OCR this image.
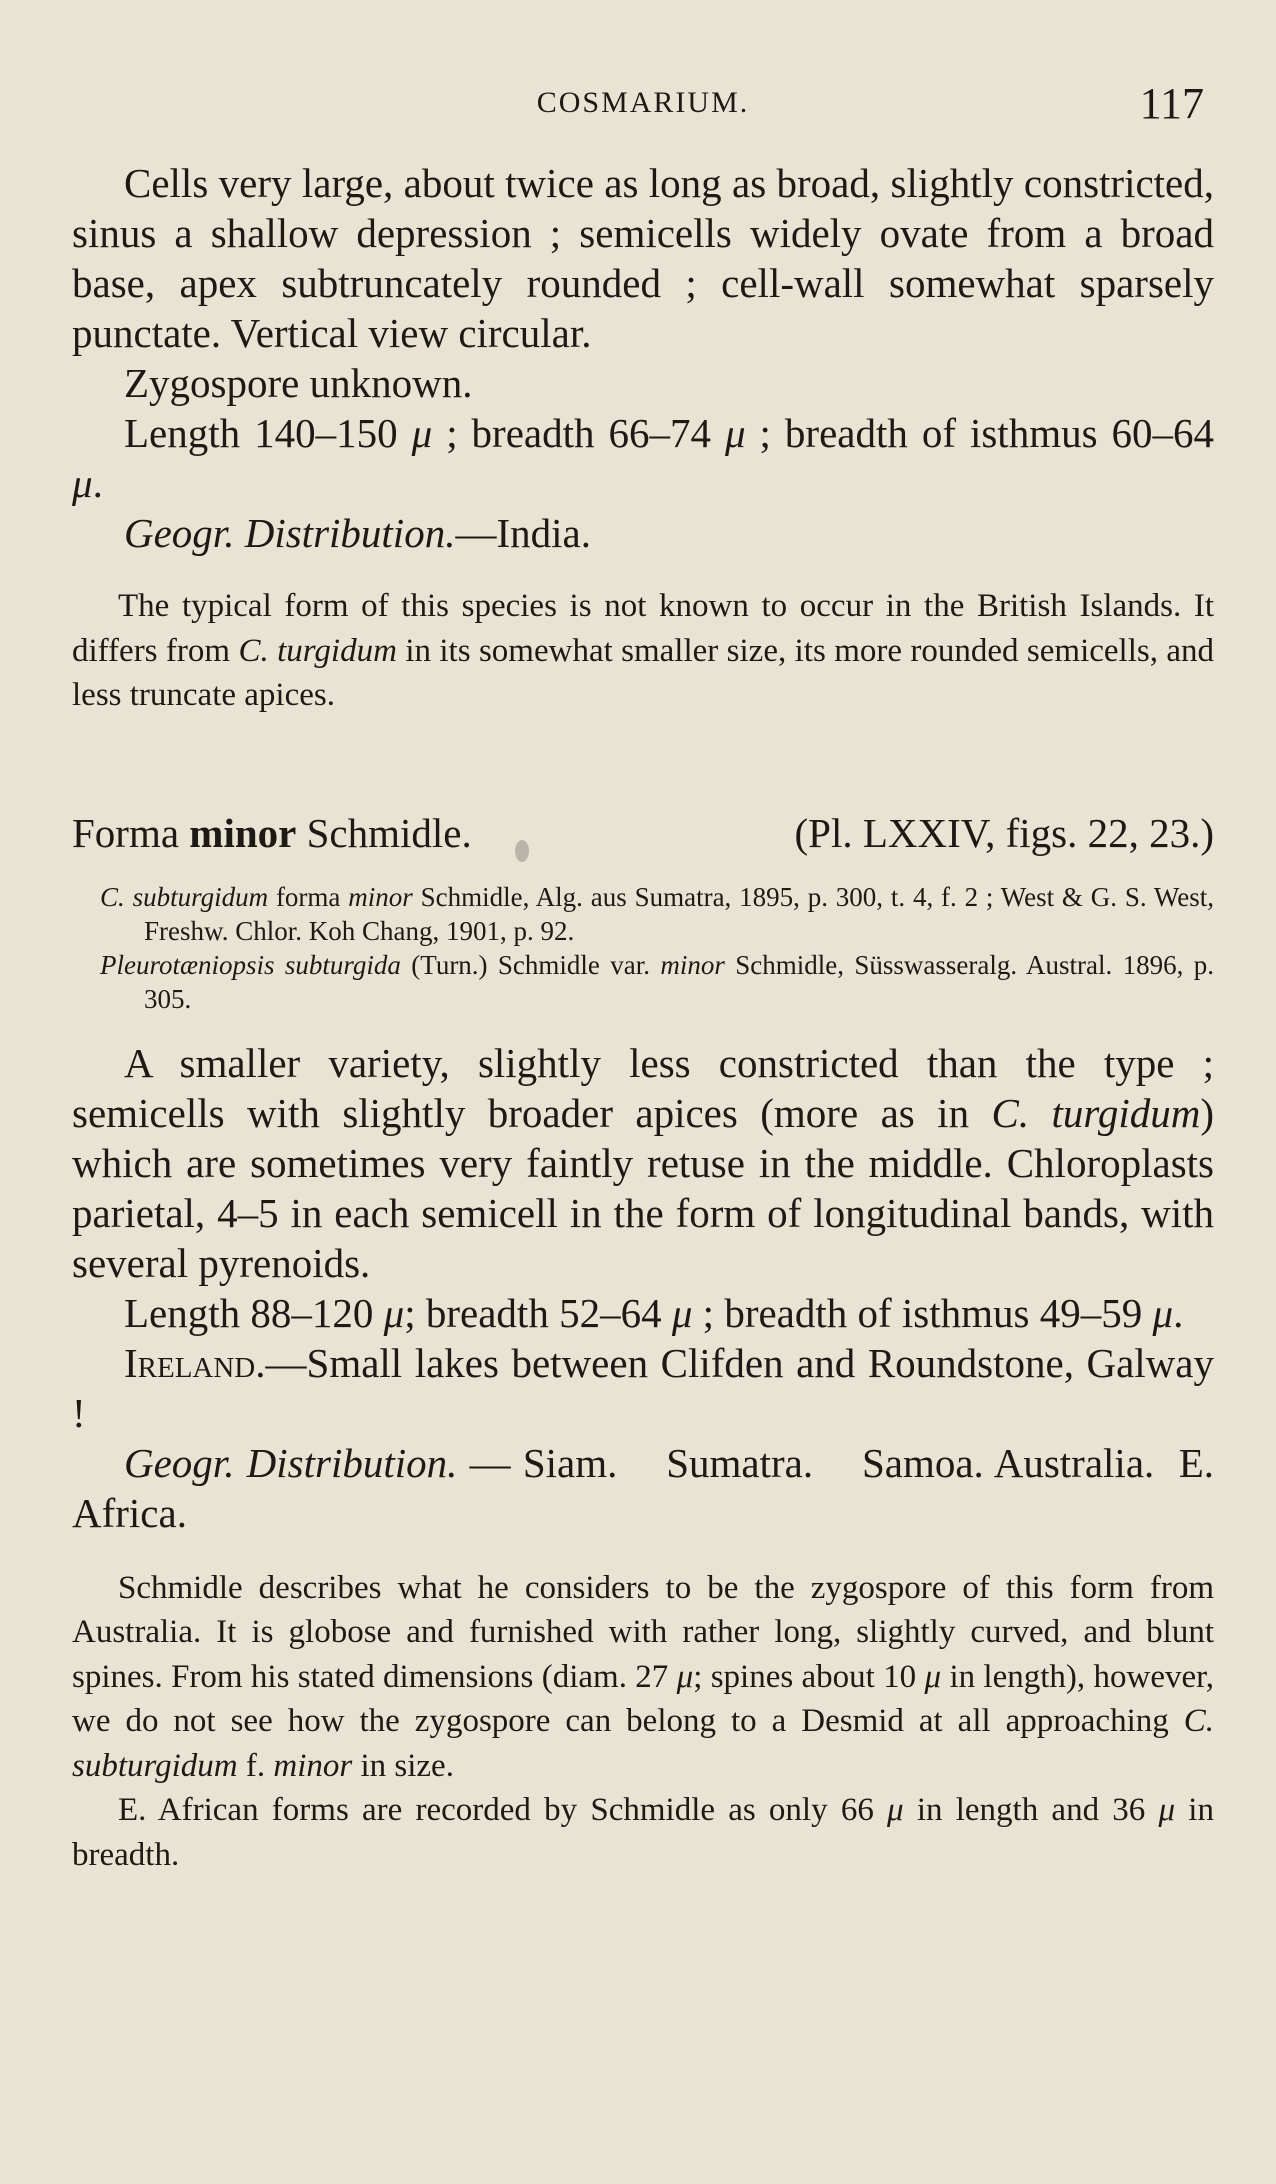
COSMARIUM.	117

Cells very large, about twice as long as broad, slightly constricted, sinus a shallow depression ; semicells widely ovate from a broad base, apex subtruncately rounded ; cell-wall somewhat sparsely punctate. Vertical view circular.

Zygospore unknown.

Length 140–150 μ ; breadth 66–74 μ ; breadth of isthmus 60–64 μ.

Geogr. Distribution.—India.

The typical form of this species is not known to occur in the British Islands. It differs from C. turgidum in its somewhat smaller size, its more rounded semicells, and less truncate apices.

Forma minor Schmidle.	(Pl. LXXIV, figs. 22, 23.)

C. subturgidum forma minor Schmidle, Alg. aus Sumatra, 1895, p. 300, t. 4, f. 2 ; West & G. S. West, Freshw. Chlor. Koh Chang, 1901, p. 92.

Pleurotæniopsis subturgida (Turn.) Schmidle var. minor Schmidle, Süsswasseralg. Austral. 1896, p. 305.

A smaller variety, slightly less constricted than the type ; semicells with slightly broader apices (more as in C. turgidum) which are sometimes very faintly retuse in the middle. Chloroplasts parietal, 4–5 in each semicell in the form of longitudinal bands, with several pyrenoids.

Length 88–120 μ; breadth 52–64 μ ; breadth of isthmus 49–59 μ.

Ireland.—Small lakes between Clifden and Roundstone, Galway !

Geogr. Distribution. — Siam.    Sumatra.    Samoa. Australia.  E. Africa.

Schmidle describes what he considers to be the zygospore of this form from Australia. It is globose and furnished with rather long, slightly curved, and blunt spines. From his stated dimensions (diam. 27 μ; spines about 10 μ in length), however, we do not see how the zygospore can belong to a Desmid at all approaching C. subturgidum f. minor in size.

E. African forms are recorded by Schmidle as only 66 μ in length and 36 μ in breadth.
